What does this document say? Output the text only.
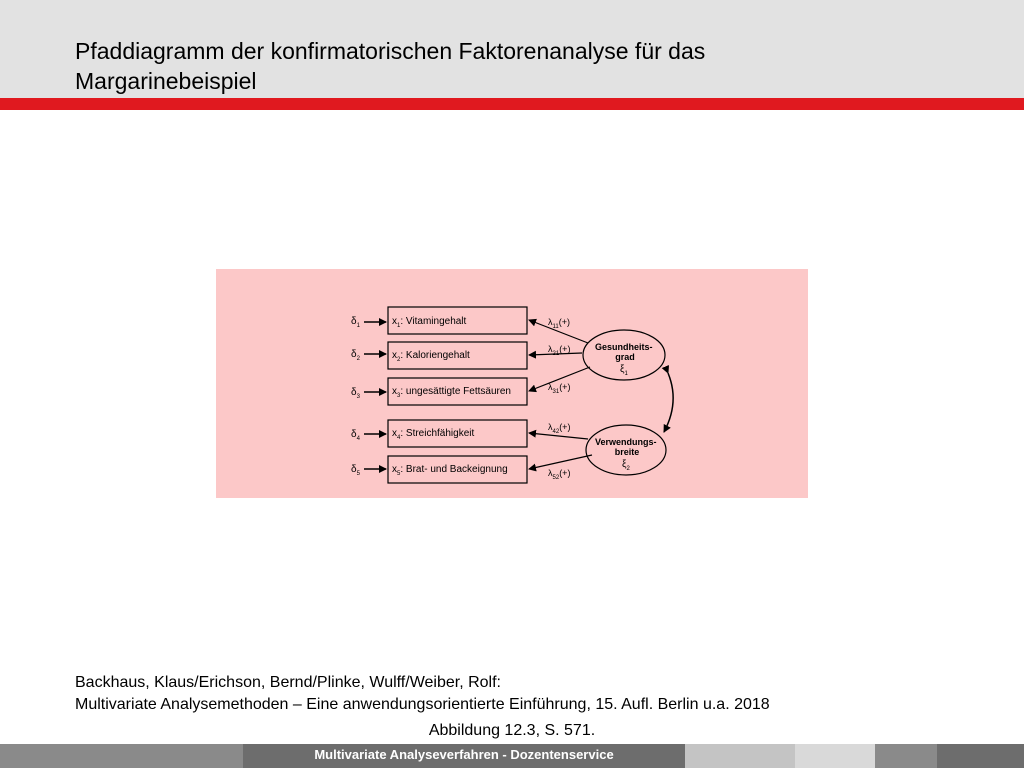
Pfaddiagramm der konfirmatorischen Faktorenanalyse für das
Margarinebeispiel
$\delta_1$
$\delta_2$
$\delta_3$
$\delta_4$
$\delta_5$
$x_1$: Vitamingehalt
$x_2$: Kaloriengehalt
$x_3$: ungesättigte Fettsäuren
$x_4$: Streichfähigkeit
$x_5$: Brat- und Backeignung
$\lambda_{11}(+)$
$\lambda_{21}(+)$
$\lambda_{31}(+)$
$\lambda_{42}(+)$
$\lambda_{52}(+)$
Gesundheits- grad
$\xi_1$
Verwendungs- breite
$\xi_2$
Backhaus, Klaus/Erichson, Bernd/Plinke, Wulff/Weiber, Rolf:
Multivariate Analysemethoden – Eine anwendungsorientierte Einführung, 15. Aufl. Berlin u.a. 2018
Abbildung 12.3, S. 571.
Multivariate Analyseverfahren - Dozentenservice
